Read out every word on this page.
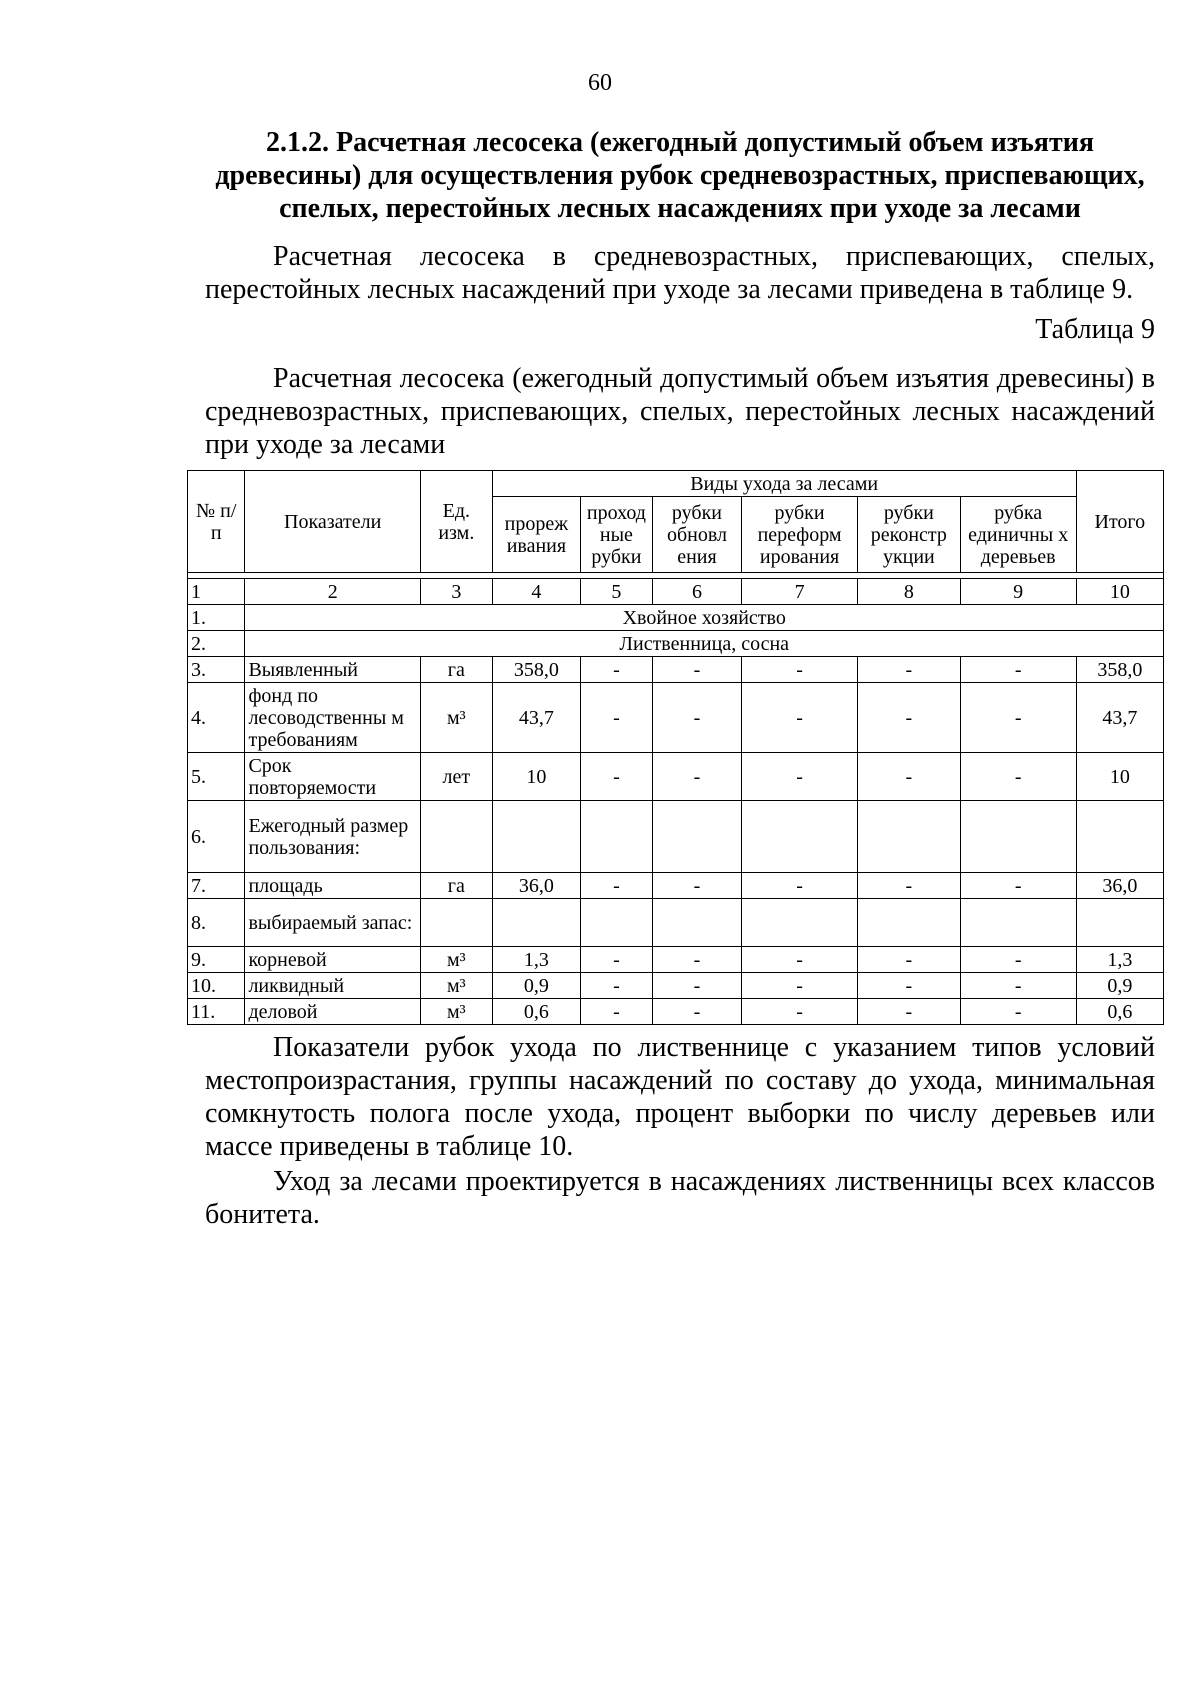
60
2.1.2. Расчетная лесосека (ежегодный допустимый объем изъятия древесины) для осуществления рубок средневозрастных, приспевающих, спелых, перестойных лесных насаждениях при уходе за лесами
Расчетная лесосека в средневозрастных, приспевающих, спелых, перестойных лесных насаждений при уходе за лесами приведена в таблице 9.
Таблица 9
Расчетная лесосека (ежегодный допустимый объем изъятия древесины) в средневозрастных, приспевающих, спелых, перестойных лесных насаждений при уходе за лесами
№ п/п	Показатели	Ед. изм.	Виды ухода за лесами						Итого
			прореж ивания	проход ные рубки	рубки обновл ения	рубки переформ ирования	рубки реконстр укции	рубка единичны х деревьев	

1	2	3	4	5	6	7	8	9	10
1.	Хвойное хозяйство								
2.	Лиственница, сосна								
3.	Выявленный	га	358,0	-	-	-	-	-	358,0
4.	фонд по лесоводственны м требованиям	м³	43,7	-	-	-	-	-	43,7
5.	Срок повторяемости	лет	10	-	-	-	-	-	10
6.	Ежегодный размер пользования:								
7.	площадь	га	36,0	-	-	-	-	-	36,0
8.	выбираемый запас:								
9.	корневой	м³	1,3	-	-	-	-	-	1,3
10.	ликвидный	м³	0,9	-	-	-	-	-	0,9
11.	деловой	м³	0,6	-	-	-	-	-	0,6
Показатели рубок ухода по лиственнице с указанием типов условий местопроизрастания, группы насаждений по составу до ухода, минимальная сомкнутость полога после ухода, процент выборки по числу деревьев или массе приведены в таблице 10.
Уход за лесами проектируется в насаждениях лиственницы всех классов бонитета.
